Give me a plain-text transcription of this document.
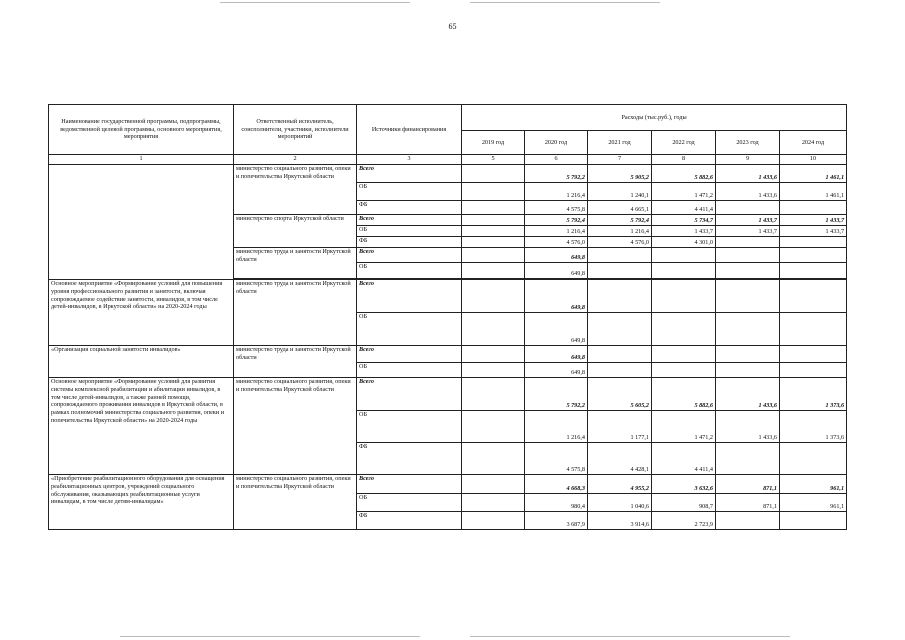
65
Наименование государственной программы, подпрограммы, ведомственной целевой программы, основного мероприятия, мероприятия	Ответственный исполнитель, соисполнители, участники, исполнители мероприятий	Источники финансирования	Расходы (тыс.руб.), годы					
			2019 год	2020 год	2021 год	2022 год	2023 год	2024 год
1	2	3	5	6	7	8	9	10
	министерство социального развития, опеки и попечительства Иркутской области	Всего		5 792,2	5 905,2	5 882,6	1 433,6	1 461,1
		ОБ		1 216,4	1 240,1	1 471,2	1 433,6	1 461,1
		ФБ		4 575,8	4 665,1	4 411,4		
	министерство спорта Иркутской области	Всего		5 792,4	5 792,4	5 734,7	1 433,7	1 433,7
		ОБ		1 216,4	1 216,4	1 433,7	1 433,7	1 433,7
		ФБ		4 576,0	4 576,0	4 301,0		
	министерство труда и занятости Иркутской области	Всего		649,8				
		ОБ		649,8				

Основное мероприятие «Формирование условий для повышения уровня профессионального развития и занятости, включая сопровождаемое содействие занятости, инвалидов, в том числе детей-инвалидов, в Иркутской области» на 2020-2024 годы	министерство труда и занятости Иркутской области	Всего		649,8				
		ОБ		649,8				
«Организация социальной занятости инвалидов»	министерство труда и занятости Иркутской области	Всего		649,8				
		ОБ		649,8				
Основное мероприятие «Формирование условий для развития системы комплексной реабилитации и абилитации инвалидов, в том числе детей-инвалидов, а также ранней помощи, сопровождаемого проживания инвалидов в Иркутской области, в рамках полномочий министерства социального развития, опеки и попечительства Иркутской области» на 2020-2024 годы	министерство социального развития, опеки и попечительства Иркутской области	Всего		5 792,2	5 605,2	5 882,6	1 433,6	1 373,6
		ОБ		1 216,4	1 177,1	1 471,2	1 433,6	1 373,6
		ФБ		4 575,8	4 428,1	4 411,4		
«Приобретение реабилитационного оборудования для оснащения реабилитационных центров, учреждений социального обслуживания, оказывающих реабилитационные услуги инвалидам, в том числе детям-инвалидам»	министерство социального развития, опеки и попечительства Иркутской области	Всего		4 668,3	4 955,2	3 632,6	871,1	961,1
		ОБ		980,4	1 040,6	908,7	871,1	961,1
		ФБ		3 687,9	3 914,6	2 723,9		
